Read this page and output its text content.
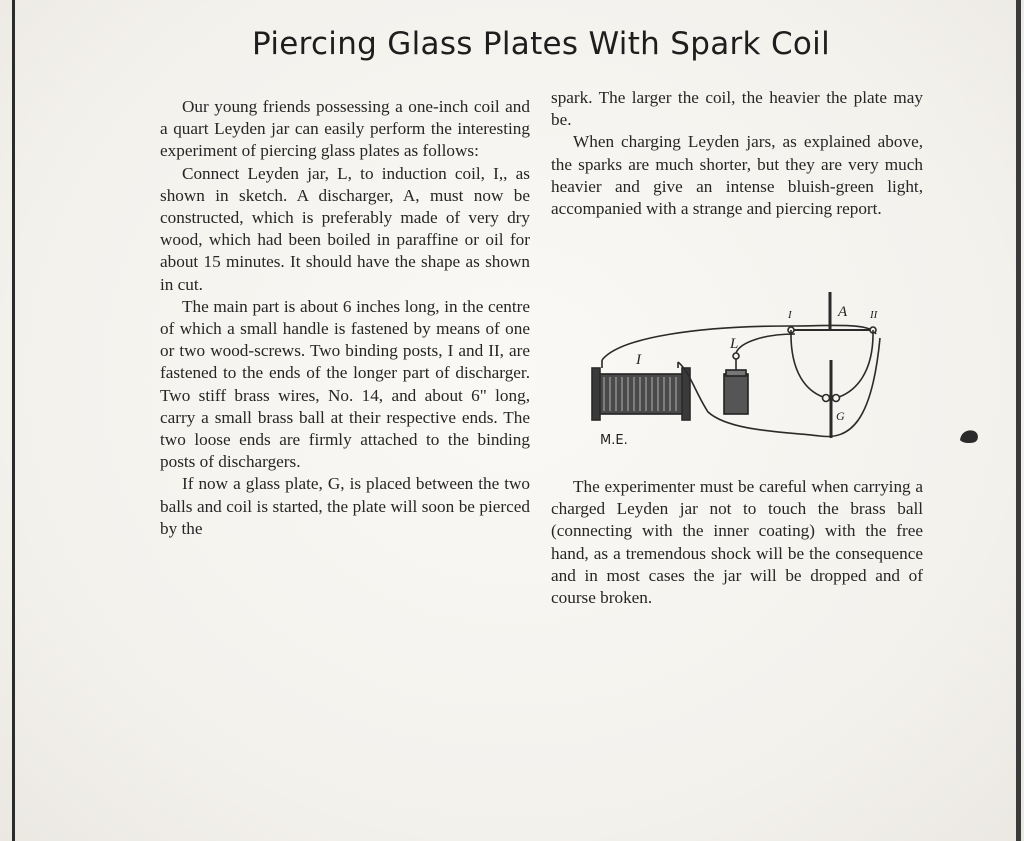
Piercing Glass Plates With Spark Coil

Our young friends possessing a one-inch coil and a quart Leyden jar can easily perform the interesting experiment of piercing glass plates as follows:

Connect Leyden jar, L, to induction coil, I,, as shown in sketch. A discharger, A, must now be constructed, which is preferably made of very dry wood, which had been boiled in paraffine or oil for about 15 minutes. It should have the shape as shown in cut.

The main part is about 6 inches long, in the centre of which a small handle is fastened by means of one or two wood-screws. Two binding posts, I and II, are fastened to the ends of the longer part of discharger. Two stiff brass wires, No. 14, and about 6" long, carry a small brass ball at their respective ends. The two loose ends are firmly attached to the binding posts of dischargers.

If now a glass plate, G, is placed between the two balls and coil is started, the plate will soon be pierced by the

spark. The larger the coil, the heavier the plate may be.

When charging Leyden jars, as explained above, the sparks are much shorter, but they are very much heavier and give an intense bluish-green light, accompanied with a strange and piercing report.

I
L
A
G
I	II
M.E.

The experimenter must be careful when carrying a charged Leyden jar not to touch the brass ball (connecting with the inner coating) with the free hand, as a tremendous shock will be the consequence and in most cases the jar will be dropped and of course broken.
